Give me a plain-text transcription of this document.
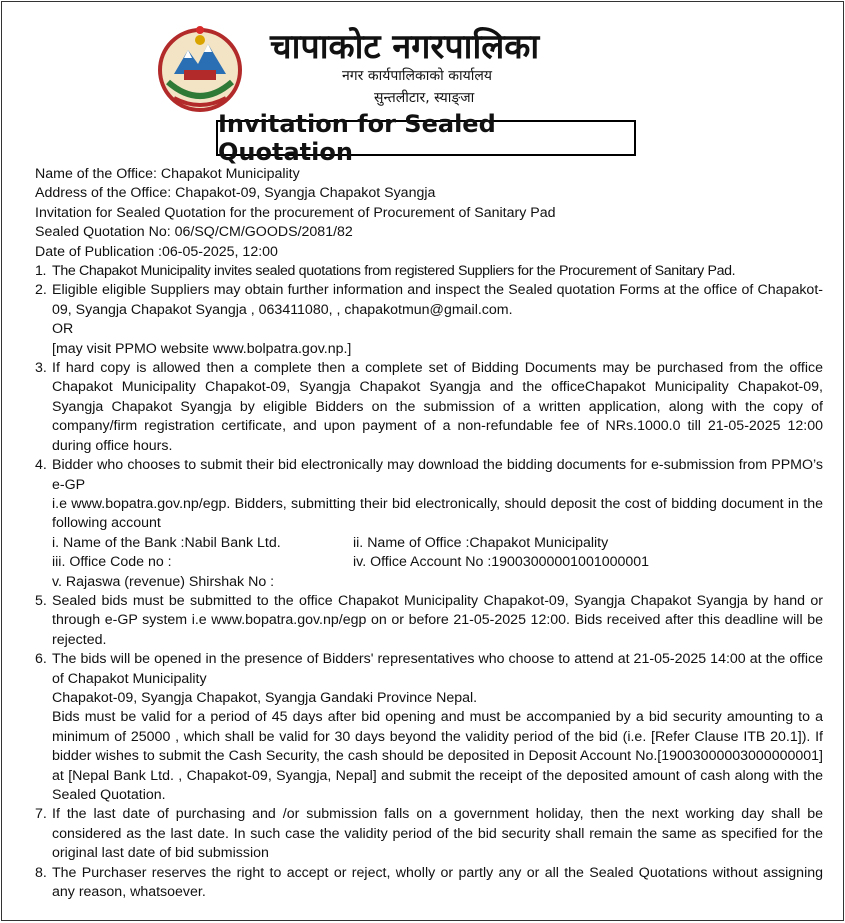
चापाकोट नगरपालिका
नगर कार्यपालिकाको कार्यालय
सुन्तलीटार, स्याङ्जा
Invitation for Sealed Quotation
Name of the Office: Chapakot Municipality
Address of the Office: Chapakot-09, Syangja Chapakot Syangja
Invitation for Sealed Quotation for the procurement of Procurement of Sanitary Pad
Sealed Quotation No: 06/SQ/CM/GOODS/2081/82
Date of Publication :06-05-2025, 12:00
1. The Chapakot Municipality invites sealed quotations from registered Suppliers for the Procurement of Sanitary Pad.

2. Eligible eligible Suppliers may obtain further information and inspect the Sealed quotation Forms at the office of Chapakot-09, Syangja Chapakot Syangja , 063411080, , chapakotmun@gmail.com.

OR

[may visit PPMO website www.bolpatra.gov.np.]

3. If hard copy is allowed then a complete then a complete set of Bidding Documents may be purchased from the office Chapakot Municipality Chapakot-09, Syangja Chapakot Syangja and the officeChapakot Municipality Chapakot-09, Syangja Chapakot Syangja by eligible Bidders on the submission of a written application, along with the copy of company/firm registration certificate, and upon payment of a non-refundable fee of NRs.1000.0 till 21-05-2025 12:00 during office hours.

4. Bidder who chooses to submit their bid electronically may download the bidding documents for e-submission from PPMO’s e-GP

i.e www.bopatra.gov.np/egp. Bidders, submitting their bid electronically, should deposit the cost of bidding document in the following account

i. Name of the Bank :Nabil Bank Ltd.	ii. Name of Office :Chapakot Municipality
iii. Office Code no :	iv. Office Account No :19003000001001000001
v. Rajaswa (revenue) Shirshak No :
5. Sealed bids must be submitted to the office Chapakot Municipality Chapakot-09, Syangja Chapakot Syangja by hand or through e-GP system i.e www.bopatra.gov.np/egp on or before 21-05-2025 12:00. Bids received after this deadline will be rejected.

6. The bids will be opened in the presence of Bidders' representatives who choose to attend at 21-05-2025 14:00 at the office of Chapakot Municipality

Chapakot-09, Syangja Chapakot, Syangja Gandaki Province Nepal.

Bids must be valid for a period of 45 days after bid opening and must be accompanied by a bid security amounting to a minimum of 25000 , which shall be valid for 30 days beyond the validity period of the bid (i.e. [Refer Clause ITB 20.1]). If bidder wishes to submit the Cash Security, the cash should be deposited in Deposit Account No.[19003000003000000001] at [Nepal Bank Ltd. , Chapakot-09, Syangja, Nepal] and submit the receipt of the deposited amount of cash along with the Sealed Quotation.

7. If the last date of purchasing and /or submission falls on a government holiday, then the next working day shall be considered as the last date. In such case the validity period of the bid security shall remain the same as specified for the original last date of bid submission

8. The Purchaser reserves the right to accept or reject, wholly or partly any or all the Sealed Quotations without assigning any reason, whatsoever.
